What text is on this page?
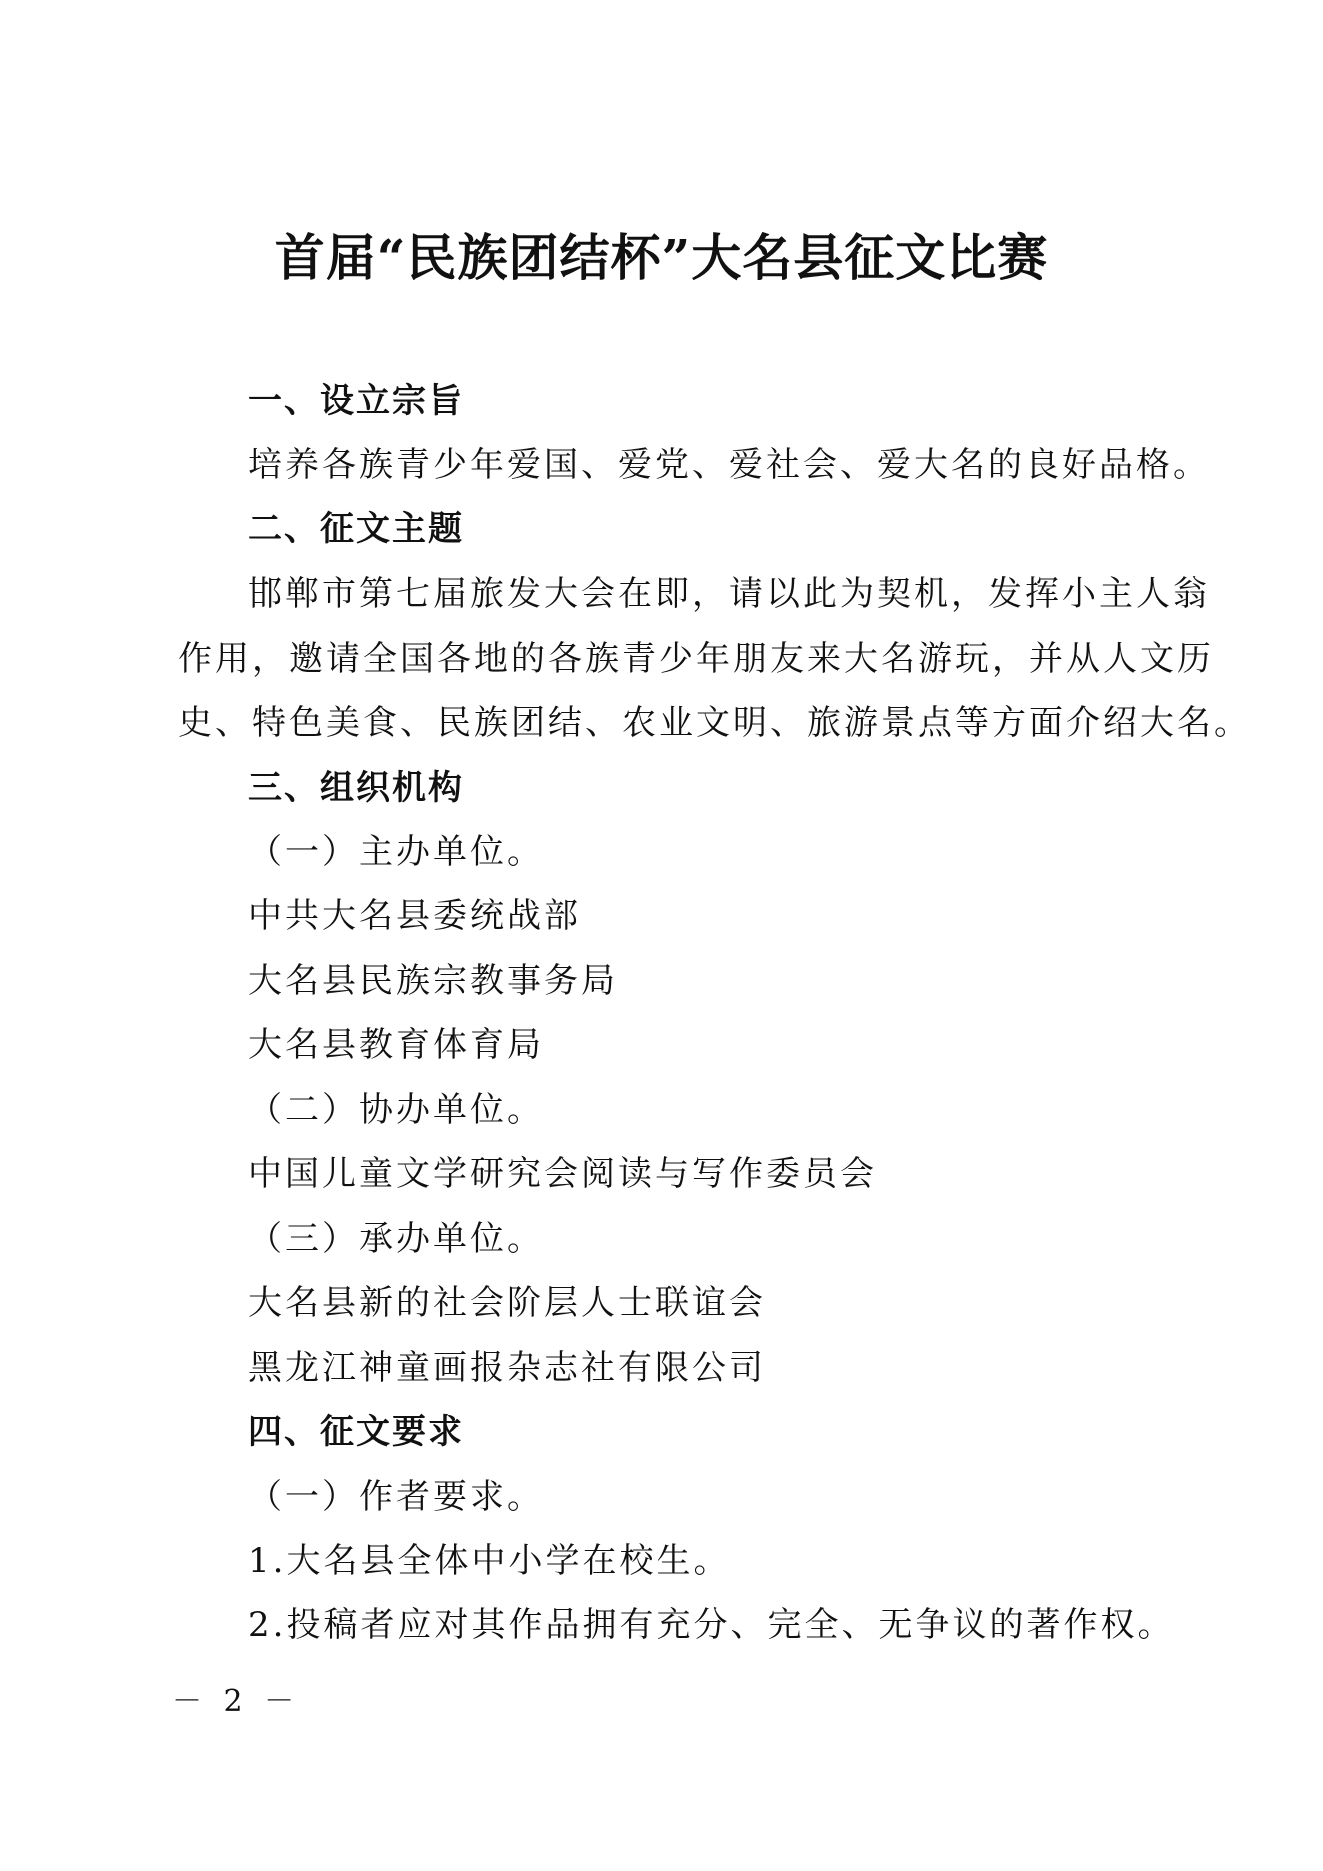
首届“民族团结杯”大名县征文比赛
一、设立宗旨
培养各族青少年爱国、爱党、爱社会、爱大名的良好品格。
二、征文主题
邯郸市第七届旅发大会在即，请以此为契机，发挥小主人翁
作用，邀请全国各地的各族青少年朋友来大名游玩，并从人文历
史、特色美食、民族团结、农业文明、旅游景点等方面介绍大名。
三、组织机构
（一）主办单位。
中共大名县委统战部
大名县民族宗教事务局
大名县教育体育局
（二）协办单位。
中国儿童文学研究会阅读与写作委员会
（三）承办单位。
大名县新的社会阶层人士联谊会
黑龙江神童画报杂志社有限公司
四、征文要求
（一）作者要求。
1.大名县全体中小学在校生。
2.投稿者应对其作品拥有充分、完全、无争议的著作权。
－ 2 －
